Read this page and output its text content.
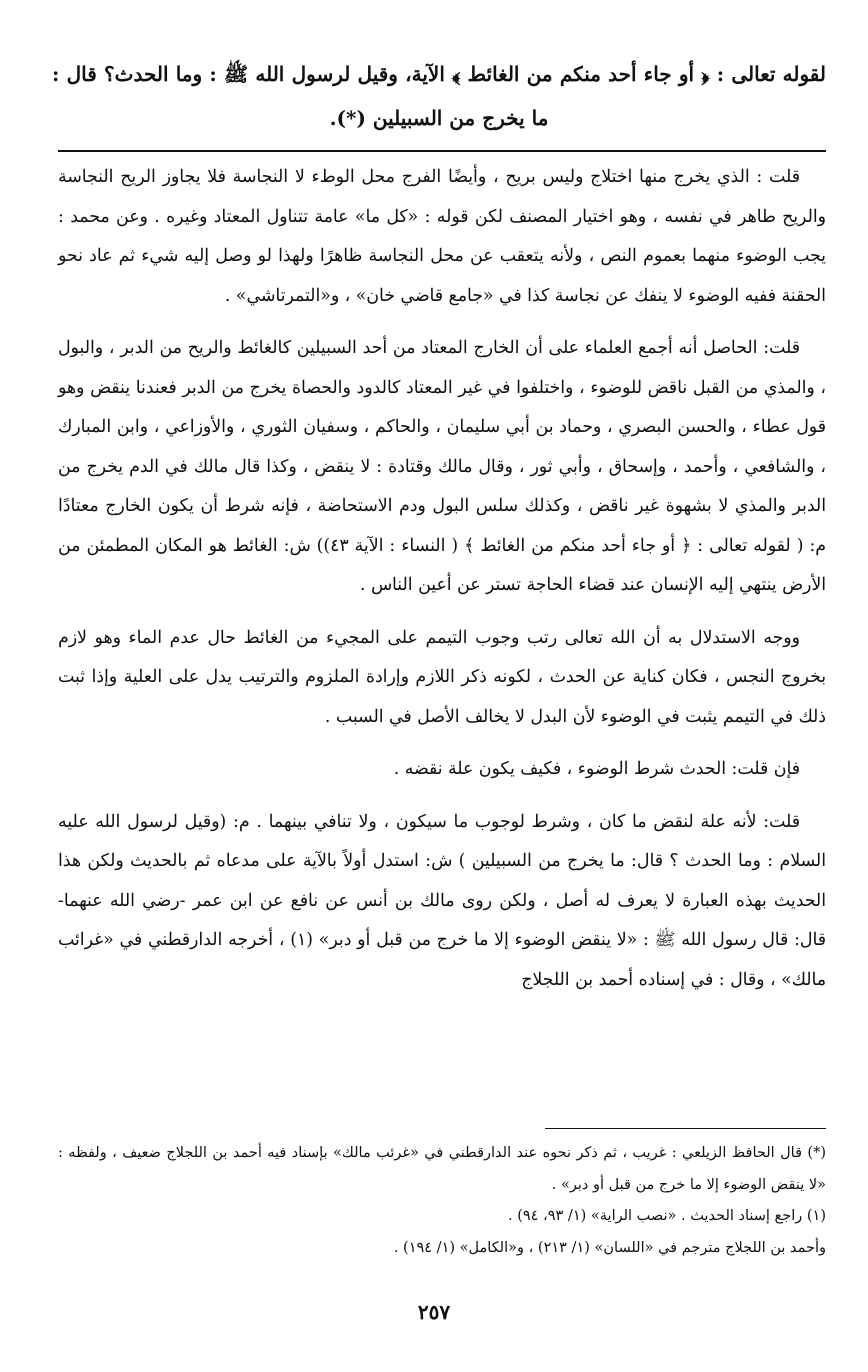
لقوله تعالى : ﴿ أو جاء أحد منكم من الغائط ﴾ الآية، وقيل لرسول الله ﷺ : وما الحدث؟ قال : ما يخرج من السبيلين (*).

قلت : الذي يخرج منها اختلاج وليس بريح ، وأيضًا الفرج محل الوطء لا النجاسة فلا يجاوز الريح النجاسة والريح طاهر في نفسه ، وهو اختيار المصنف لكن قوله : «كل ما» عامة تتناول المعتاد وغيره . وعن محمد : يجب الوضوء منهما بعموم النص ، ولأنه يتعقب عن محل النجاسة ظاهرًا ولهذا لو وصل إليه شيء ثم عاد نحو الحقنة ففيه الوضوء لا ينفك عن نجاسة كذا في «جامع قاضي خان» ، و«التمرتاشي» .

قلت: الحاصل أنه أجمع العلماء على أن الخارج المعتاد من أحد السبيلين كالغائط والريح من الدبر ، والبول ، والمذي من القبل ناقض للوضوء ، واختلفوا في غير المعتاد كالدود والحصاة يخرج من الدبر فعندنا ينقض وهو قول عطاء ، والحسن البصري ، وحماد بن أبي سليمان ، والحاكم ، وسفيان الثوري ، والأوزاعي ، وابن المبارك ، والشافعي ، وأحمد ، وإسحاق ، وأبي ثور ، وقال مالك وقتادة : لا ينقض ، وكذا قال مالك في الدم يخرج من الدبر والمذي لا بشهوة غير ناقض ، وكذلك سلس البول ودم الاستحاضة ، فإنه شرط أن يكون الخارج معتادًا م: ( لقوله تعالى : ﴿ أو جاء أحد منكم من الغائط ﴾ ( النساء : الآية ٤٣)) ش: الغائط هو المكان المطمئن من الأرض ينتهي إليه الإنسان عند قضاء الحاجة تستر عن أعين الناس .

ووجه الاستدلال به أن الله تعالى رتب وجوب التيمم على المجيء من الغائط حال عدم الماء وهو لازم بخروج النجس ، فكان كناية عن الحدث ، لكونه ذكر اللازم وإرادة الملزوم والترتيب يدل على العلية وإذا ثبت ذلك في التيمم يثبت في الوضوء لأن البدل لا يخالف الأصل في السبب .

فإن قلت: الحدث شرط الوضوء ، فكيف يكون علة نقضه .

قلت: لأنه علة لنقض ما كان ، وشرط لوجوب ما سيكون ، ولا تنافي بينهما . م: (وقيل لرسول الله عليه السلام : وما الحدث ؟ قال: ما يخرج من السبيلين ) ش: استدل أولاً بالآية على مدعاه ثم بالحديث ولكن هذا الحديث بهذه العبارة لا يعرف له أصل ، ولكن روى مالك بن أنس عن نافع عن ابن عمر -رضي الله عنهما- قال: قال رسول الله ﷺ : «لا ينقض الوضوء إلا ما خرج من قبل أو دبر» (١) ، أخرجه الدارقطني في «غرائب مالك» ، وقال : في إسناده أحمد بن اللجلاج

(*) قال الحافظ الزيلعي : غريب ، ثم ذكر نحوه عند الدارقطني في «غرئب مالك» بإسناد فيه أحمد بن اللجلاج ضعيف ، ولفظه : «لا ينقض الوضوء إلا ما خرج من قبل أو دبر» .

(١) راجع إسناد الحديث . «نصب الراية» (١/ ٩٣، ٩٤) .

وأحمد بن اللجلاج مترجم في «اللسان» (١/ ٢١٣) ، و«الكامل» (١/ ١٩٤) .

٢٥٧
